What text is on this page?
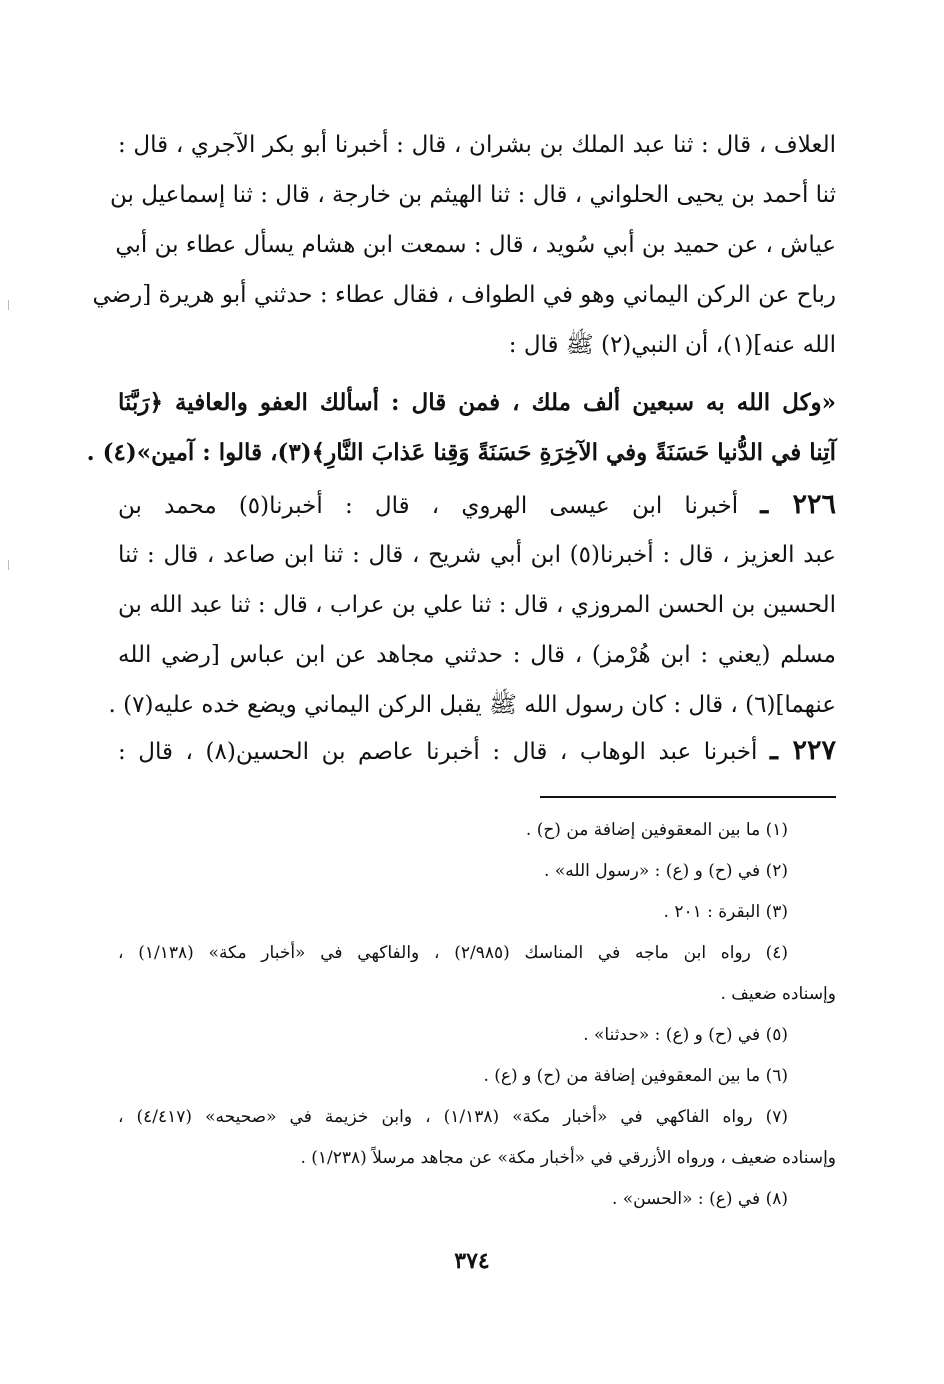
العلاف ، قال : ثنا عبد الملك بن بشران ، قال : أخبرنا أبو بكر الآجري ، قال :
ثنا أحمد بن يحيى الحلواني ، قال : ثنا الهيثم بن خارجة ، قال : ثنا إسماعيل بن
عياش ، عن حميد بن أبي سُويد ، قال : سمعت ابن هشام يسأل عطاء بن أبي
رباح عن الركن اليماني وهو في الطواف ، فقال عطاء : حدثني أبو هريرة [رضي
الله عنه](١)، أن النبي(٢) ﷺ قال :
«وكل الله به سبعين ألف ملك ، فمن قال : أسألك العفو والعافية ﴿رَبَّنَا
آتِنا في الدُّنيا حَسَنَةً وفي الآخِرَةِ حَسَنَةً وَقِنا عَذابَ النَّارِ﴾(٣)، قالوا : آمين»(٤) .
٢٢٦ ـ أخبرنا ابن عيسى الهروي ، قال : أخبرنا(٥) محمد بن
عبد العزيز ، قال : أخبرنا(٥) ابن أبي شريح ، قال : ثنا ابن صاعد ، قال : ثنا
الحسين بن الحسن المروزي ، قال : ثنا علي بن عراب ، قال : ثنا عبد الله بن
مسلم (يعني : ابن هُرْمز) ، قال : حدثني مجاهد عن ابن عباس [رضي الله
عنهما](٦) ، قال : كان رسول الله ﷺ يقبل الركن اليماني ويضع خده عليه(٧) .
٢٢٧ ـ أخبرنا عبد الوهاب ، قال : أخبرنا عاصم بن الحسين(٨) ، قال :
(١) ما بين المعقوفين إضافة من (ح) .
(٢) في (ح) و (ع) : «رسول الله» .
(٣) البقرة : ٢٠١ .
(٤) رواه ابن ماجه في المناسك (٢/٩٨٥) ، والفاكهي في «أخبار مكة» (١/١٣٨) ،
وإسناده ضعيف .
(٥) في (ح) و (ع) : «حدثنا» .
(٦) ما بين المعقوفين إضافة من (ح) و (ع) .
(٧) رواه الفاكهي في «أخبار مكة» (١/١٣٨) ، وابن خزيمة في «صحيحه» (٤/٤١٧) ،
وإسناده ضعيف ، ورواه الأزرقي في «أخبار مكة» عن مجاهد مرسلاً (١/٢٣٨) .
(٨) في (ع) : «الحسن» .
٣٧٤
